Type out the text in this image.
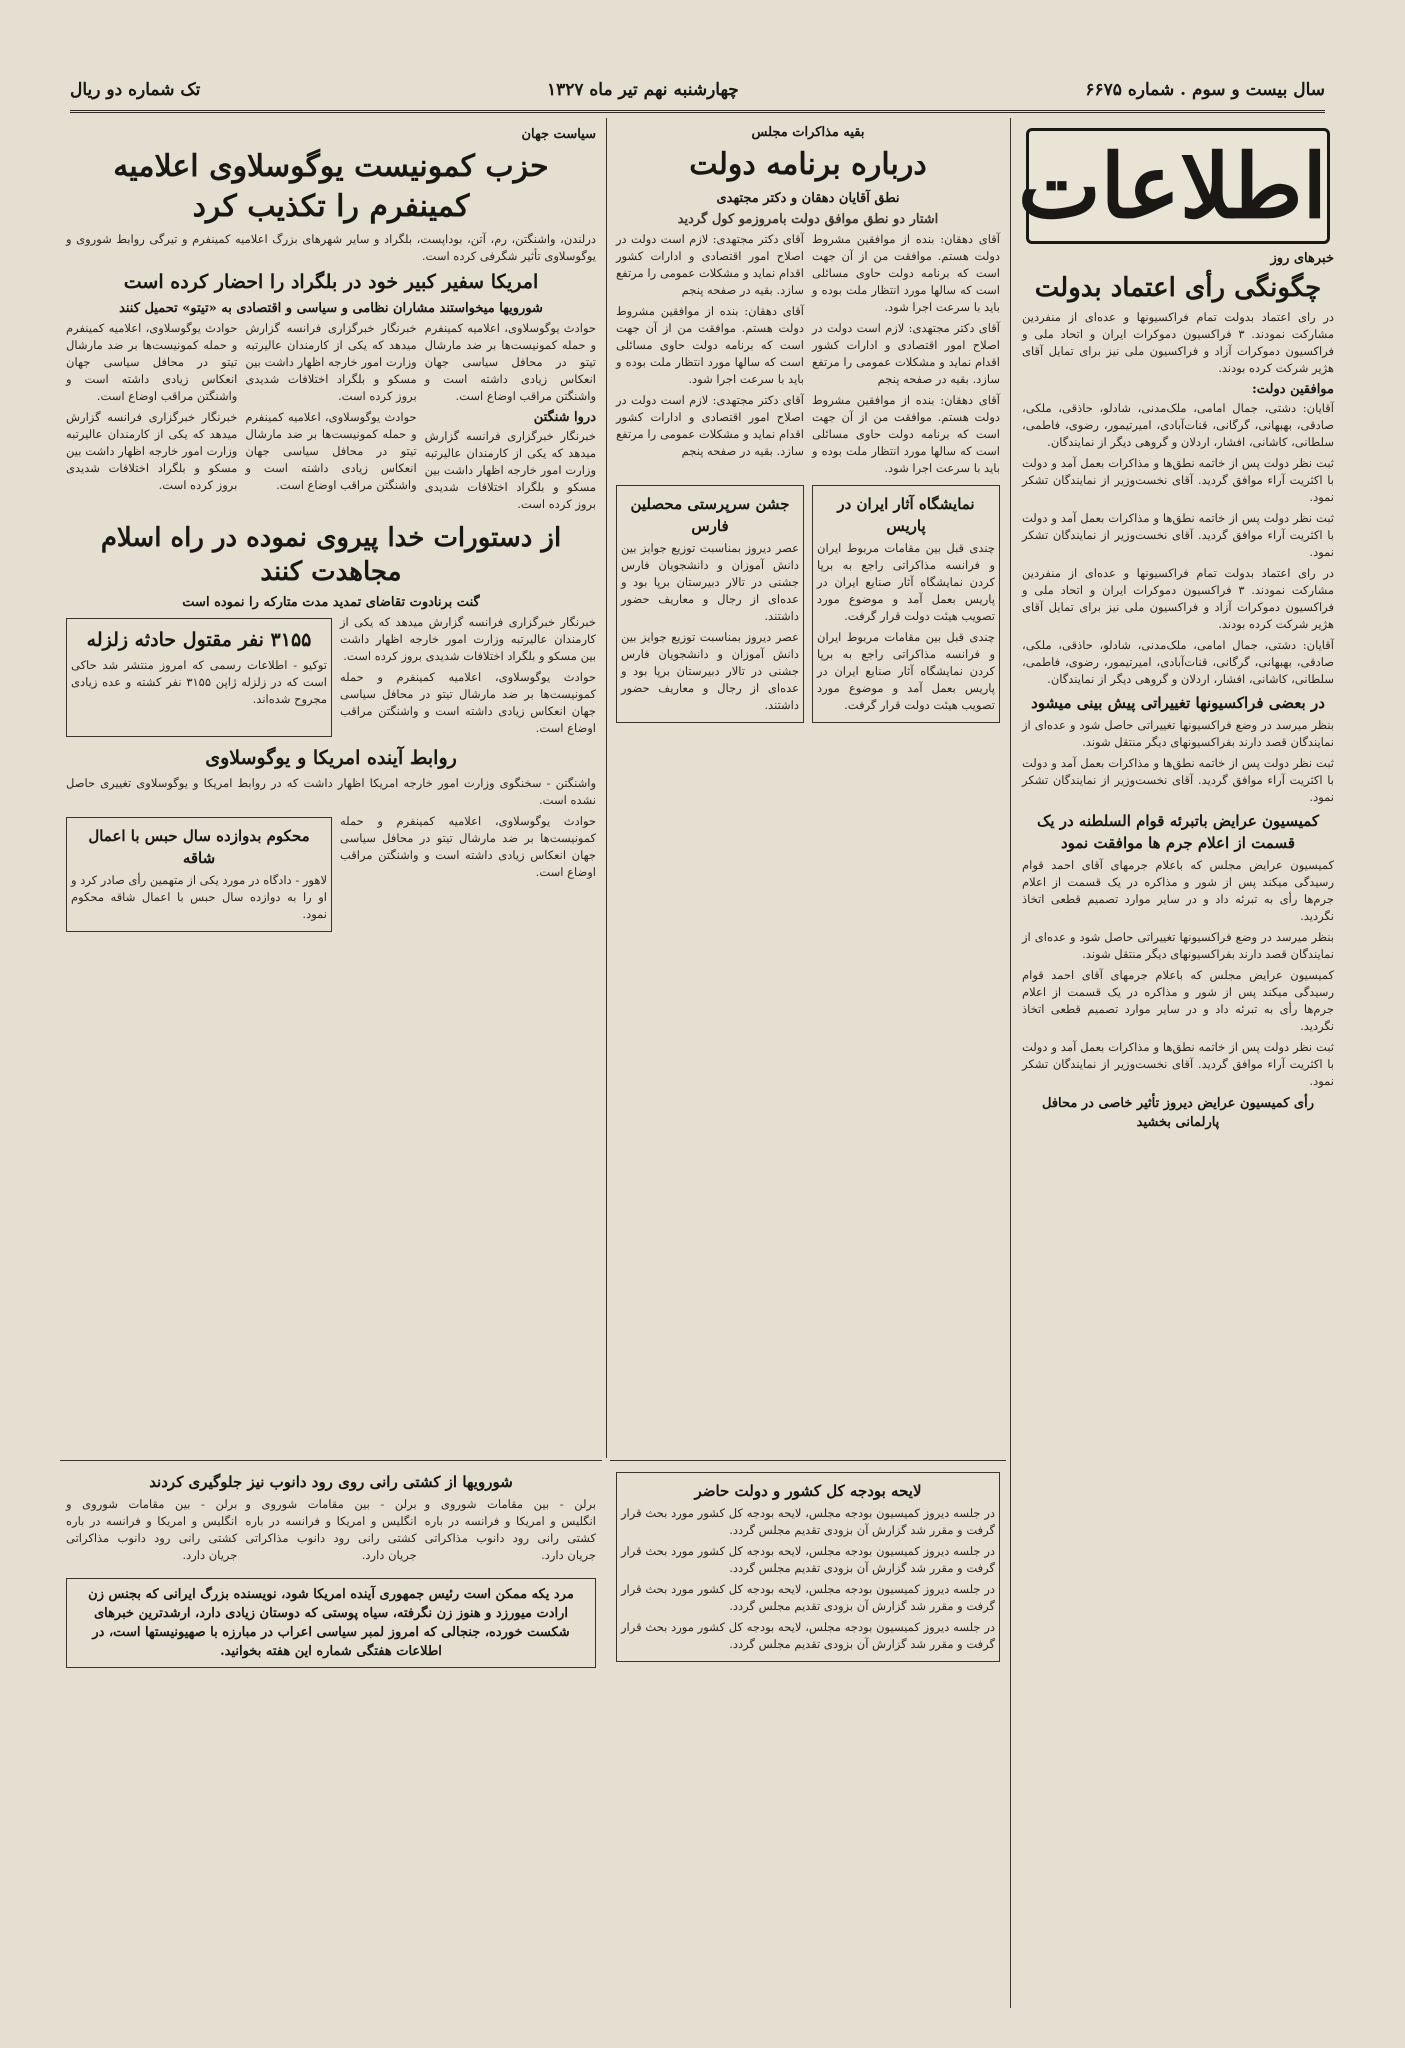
سال بیست و سوم . شماره ۶۶۷۵
چهارشنبه نهم تیر ماه ۱۳۲۷
تک شماره دو ریال
اطلاعات
خبرهای روز
چگونگی رأی اعتماد بدولت

در رای اعتماد بدولت تمام فراکسیونها و عده‌ای از منفردین مشارکت نمودند. ۳ فراکسیون دموکرات ایران و اتحاد ملی و فراکسیون دموکرات آزاد و فراکسیون ملی نیز برای تمایل آقای هژیر شرکت کرده بودند.

موافقین دولت:

آقایان: دشتی، جمال امامی، ملک‌مدنی، شادلو، حاذقی، ملکی، صادقی، بهبهانی، گرگانی، قنات‌آبادی، امیرتیمور، رضوی، فاطمی، سلطانی، کاشانی، افشار، اردلان و گروهی دیگر از نمایندگان.

ثبت نظر دولت پس از خاتمه نطق‌ها و مذاکرات بعمل آمد و دولت با اکثریت آراء موافق گردید. آقای نخست‌وزیر از نمایندگان تشکر نمود.

ثبت نظر دولت پس از خاتمه نطق‌ها و مذاکرات بعمل آمد و دولت با اکثریت آراء موافق گردید. آقای نخست‌وزیر از نمایندگان تشکر نمود.

در رای اعتماد بدولت تمام فراکسیونها و عده‌ای از منفردین مشارکت نمودند. ۳ فراکسیون دموکرات ایران و اتحاد ملی و فراکسیون دموکرات آزاد و فراکسیون ملی نیز برای تمایل آقای هژیر شرکت کرده بودند.

آقایان: دشتی، جمال امامی، ملک‌مدنی، شادلو، حاذقی، ملکی، صادقی، بهبهانی، گرگانی، قنات‌آبادی، امیرتیمور، رضوی، فاطمی، سلطانی، کاشانی، افشار، اردلان و گروهی دیگر از نمایندگان.

در بعضی فراکسیونها تغییراتی پیش بینی میشود

بنظر میرسد در وضع فراکسیونها تغییراتی حاصل شود و عده‌ای از نمایندگان قصد دارند بفراکسیونهای دیگر منتقل شوند.

ثبت نظر دولت پس از خاتمه نطق‌ها و مذاکرات بعمل آمد و دولت با اکثریت آراء موافق گردید. آقای نخست‌وزیر از نمایندگان تشکر نمود.

کمیسیون عرایض باتبرئه قوام السلطنه در یک قسمت از اعلام جرم ها موافقت نمود

کمیسیون عرایض مجلس که باعلام جرمهای آقای احمد قوام رسیدگی میکند پس از شور و مذاکره در یک قسمت از اعلام جرم‌ها رأی به تبرئه داد و در سایر موارد تصمیم قطعی اتخاذ نگردید.

بنظر میرسد در وضع فراکسیونها تغییراتی حاصل شود و عده‌ای از نمایندگان قصد دارند بفراکسیونهای دیگر منتقل شوند.

کمیسیون عرایض مجلس که باعلام جرمهای آقای احمد قوام رسیدگی میکند پس از شور و مذاکره در یک قسمت از اعلام جرم‌ها رأی به تبرئه داد و در سایر موارد تصمیم قطعی اتخاذ نگردید.

ثبت نظر دولت پس از خاتمه نطق‌ها و مذاکرات بعمل آمد و دولت با اکثریت آراء موافق گردید. آقای نخست‌وزیر از نمایندگان تشکر نمود.

رأی کمیسیون عرایض دیروز تأثیر خاصی در محافل پارلمانی بخشید
بقیه مذاکرات مجلس
درباره برنامه دولت
نطق آقایان دهقان و دکتر مجتهدی
اشتار دو نطق موافق دولت بامروزمو کول گردید

آقای دهقان: بنده از موافقین مشروط دولت هستم. موافقت من از آن جهت است که برنامه دولت حاوی مسائلی است که سالها مورد انتظار ملت بوده و باید با سرعت اجرا شود.

آقای دکتر مجتهدی: لازم است دولت در اصلاح امور اقتصادی و ادارات کشور اقدام نماید و مشکلات عمومی را مرتفع سازد. بقیه در صفحه پنجم

آقای دهقان: بنده از موافقین مشروط دولت هستم. موافقت من از آن جهت است که برنامه دولت حاوی مسائلی است که سالها مورد انتظار ملت بوده و باید با سرعت اجرا شود.

آقای دکتر مجتهدی: لازم است دولت در اصلاح امور اقتصادی و ادارات کشور اقدام نماید و مشکلات عمومی را مرتفع سازد. بقیه در صفحه پنجم

آقای دهقان: بنده از موافقین مشروط دولت هستم. موافقت من از آن جهت است که برنامه دولت حاوی مسائلی است که سالها مورد انتظار ملت بوده و باید با سرعت اجرا شود.

آقای دکتر مجتهدی: لازم است دولت در اصلاح امور اقتصادی و ادارات کشور اقدام نماید و مشکلات عمومی را مرتفع سازد. بقیه در صفحه پنجم

نمایشگاه آثار ایران در پاریس

چندی قبل بین مقامات مربوط ایران و فرانسه مذاکراتی راجع به برپا کردن نمایشگاه آثار صنایع ایران در پاریس بعمل آمد و موضوع مورد تصویب هیئت دولت قرار گرفت.

چندی قبل بین مقامات مربوط ایران و فرانسه مذاکراتی راجع به برپا کردن نمایشگاه آثار صنایع ایران در پاریس بعمل آمد و موضوع مورد تصویب هیئت دولت قرار گرفت.

جشن سرپرستی محصلین فارس

عصر دیروز بمناسبت توزیع جوایز بین دانش آموزان و دانشجویان فارس جشنی در تالار دبیرستان برپا بود و عده‌ای از رجال و معاریف حضور داشتند.

عصر دیروز بمناسبت توزیع جوایز بین دانش آموزان و دانشجویان فارس جشنی در تالار دبیرستان برپا بود و عده‌ای از رجال و معاریف حضور داشتند.

لایحه بودجه کل کشور و دولت حاضر

در جلسه دیروز کمیسیون بودجه مجلس، لایحه بودجه کل کشور مورد بحث قرار گرفت و مقرر شد گزارش آن بزودی تقدیم مجلس گردد.

در جلسه دیروز کمیسیون بودجه مجلس، لایحه بودجه کل کشور مورد بحث قرار گرفت و مقرر شد گزارش آن بزودی تقدیم مجلس گردد.

در جلسه دیروز کمیسیون بودجه مجلس، لایحه بودجه کل کشور مورد بحث قرار گرفت و مقرر شد گزارش آن بزودی تقدیم مجلس گردد.

در جلسه دیروز کمیسیون بودجه مجلس، لایحه بودجه کل کشور مورد بحث قرار گرفت و مقرر شد گزارش آن بزودی تقدیم مجلس گردد.

سیاست جهان
حزب کمونیست یوگوسلاوی اعلامیه کمینفرم را تکذیب کرد

درلندن، واشنگتن، رم، آتن، بوداپست، بلگراد و سایر شهرهای بزرگ اعلامیه کمینفرم و تیرگی روابط شوروی و یوگوسلاوی تأثیر شگرفی کرده است.

امریکا سفیر کبیر خود در بلگراد را احضار کرده است
شورویها میخواستند مشاران نظامی و سیاسی و اقتصادی به «تیتو» تحمیل کنند

حوادث یوگوسلاوی، اعلامیه کمینفرم و حمله کمونیست‌ها بر ضد مارشال تیتو در محافل سیاسی جهان انعکاس زیادی داشته است و واشنگتن مراقب اوضاع است.

دروا شنگتن

خبرنگار خبرگزاری فرانسه گزارش میدهد که یکی از کارمندان عالیرتبه وزارت امور خارجه اظهار داشت بین مسکو و بلگراد اختلافات شدیدی بروز کرده است.

خبرنگار خبرگزاری فرانسه گزارش میدهد که یکی از کارمندان عالیرتبه وزارت امور خارجه اظهار داشت بین مسکو و بلگراد اختلافات شدیدی بروز کرده است.

حوادث یوگوسلاوی، اعلامیه کمینفرم و حمله کمونیست‌ها بر ضد مارشال تیتو در محافل سیاسی جهان انعکاس زیادی داشته است و واشنگتن مراقب اوضاع است.

حوادث یوگوسلاوی، اعلامیه کمینفرم و حمله کمونیست‌ها بر ضد مارشال تیتو در محافل سیاسی جهان انعکاس زیادی داشته است و واشنگتن مراقب اوضاع است.

خبرنگار خبرگزاری فرانسه گزارش میدهد که یکی از کارمندان عالیرتبه وزارت امور خارجه اظهار داشت بین مسکو و بلگراد اختلافات شدیدی بروز کرده است.

از دستورات خدا پیروی نموده در راه اسلام مجاهدت کنند
گنت برنادوت تقاضای تمدید مدت متارکه را نموده است

خبرنگار خبرگزاری فرانسه گزارش میدهد که یکی از کارمندان عالیرتبه وزارت امور خارجه اظهار داشت بین مسکو و بلگراد اختلافات شدیدی بروز کرده است.

حوادث یوگوسلاوی، اعلامیه کمینفرم و حمله کمونیست‌ها بر ضد مارشال تیتو در محافل سیاسی جهان انعکاس زیادی داشته است و واشنگتن مراقب اوضاع است.

۳۱۵۵ نفر مقتول حادثه زلزله

توکیو - اطلاعات رسمی که امروز منتشر شد حاکی است که در زلزله ژاپن ۳۱۵۵ نفر کشته و عده زیادی مجروح شده‌اند.

روابط آینده امریکا و یوگوسلاوی

واشنگتن - سخنگوی وزارت امور خارجه امریکا اظهار داشت که در روابط امریکا و یوگوسلاوی تغییری حاصل نشده است.

حوادث یوگوسلاوی، اعلامیه کمینفرم و حمله کمونیست‌ها بر ضد مارشال تیتو در محافل سیاسی جهان انعکاس زیادی داشته است و واشنگتن مراقب اوضاع است.

محکوم بدوازده سال حبس با اعمال شاقه

لاهور - دادگاه در مورد یکی از متهمین رأی صادر کرد و او را به دوازده سال حبس با اعمال شاقه محکوم نمود.

شورویها از کشتی رانی روی رود دانوب نیز جلوگیری کردند

برلن - بین مقامات شوروی و انگلیس و امریکا و فرانسه در باره کشتی رانی رود دانوب مذاکراتی جریان دارد.

برلن - بین مقامات شوروی و انگلیس و امریکا و فرانسه در باره کشتی رانی رود دانوب مذاکراتی جریان دارد.

برلن - بین مقامات شوروی و انگلیس و امریکا و فرانسه در باره کشتی رانی رود دانوب مذاکراتی جریان دارد.

مرد یکه ممکن است رئیس جمهوری آینده امریکا شود، نویسنده بزرگ ایرانی که بجنس زن ارادت میورزد و هنوز زن نگرفته، سیاه پوستی که دوستان زیادی دارد، ارشدترین خبرهای شکست خورده، جنجالی که امروز لمبر سیاسی اعراب در مبارزه با صهیونیستها است، در اطلاعات هفتگی شماره این هفته بخوانید.
